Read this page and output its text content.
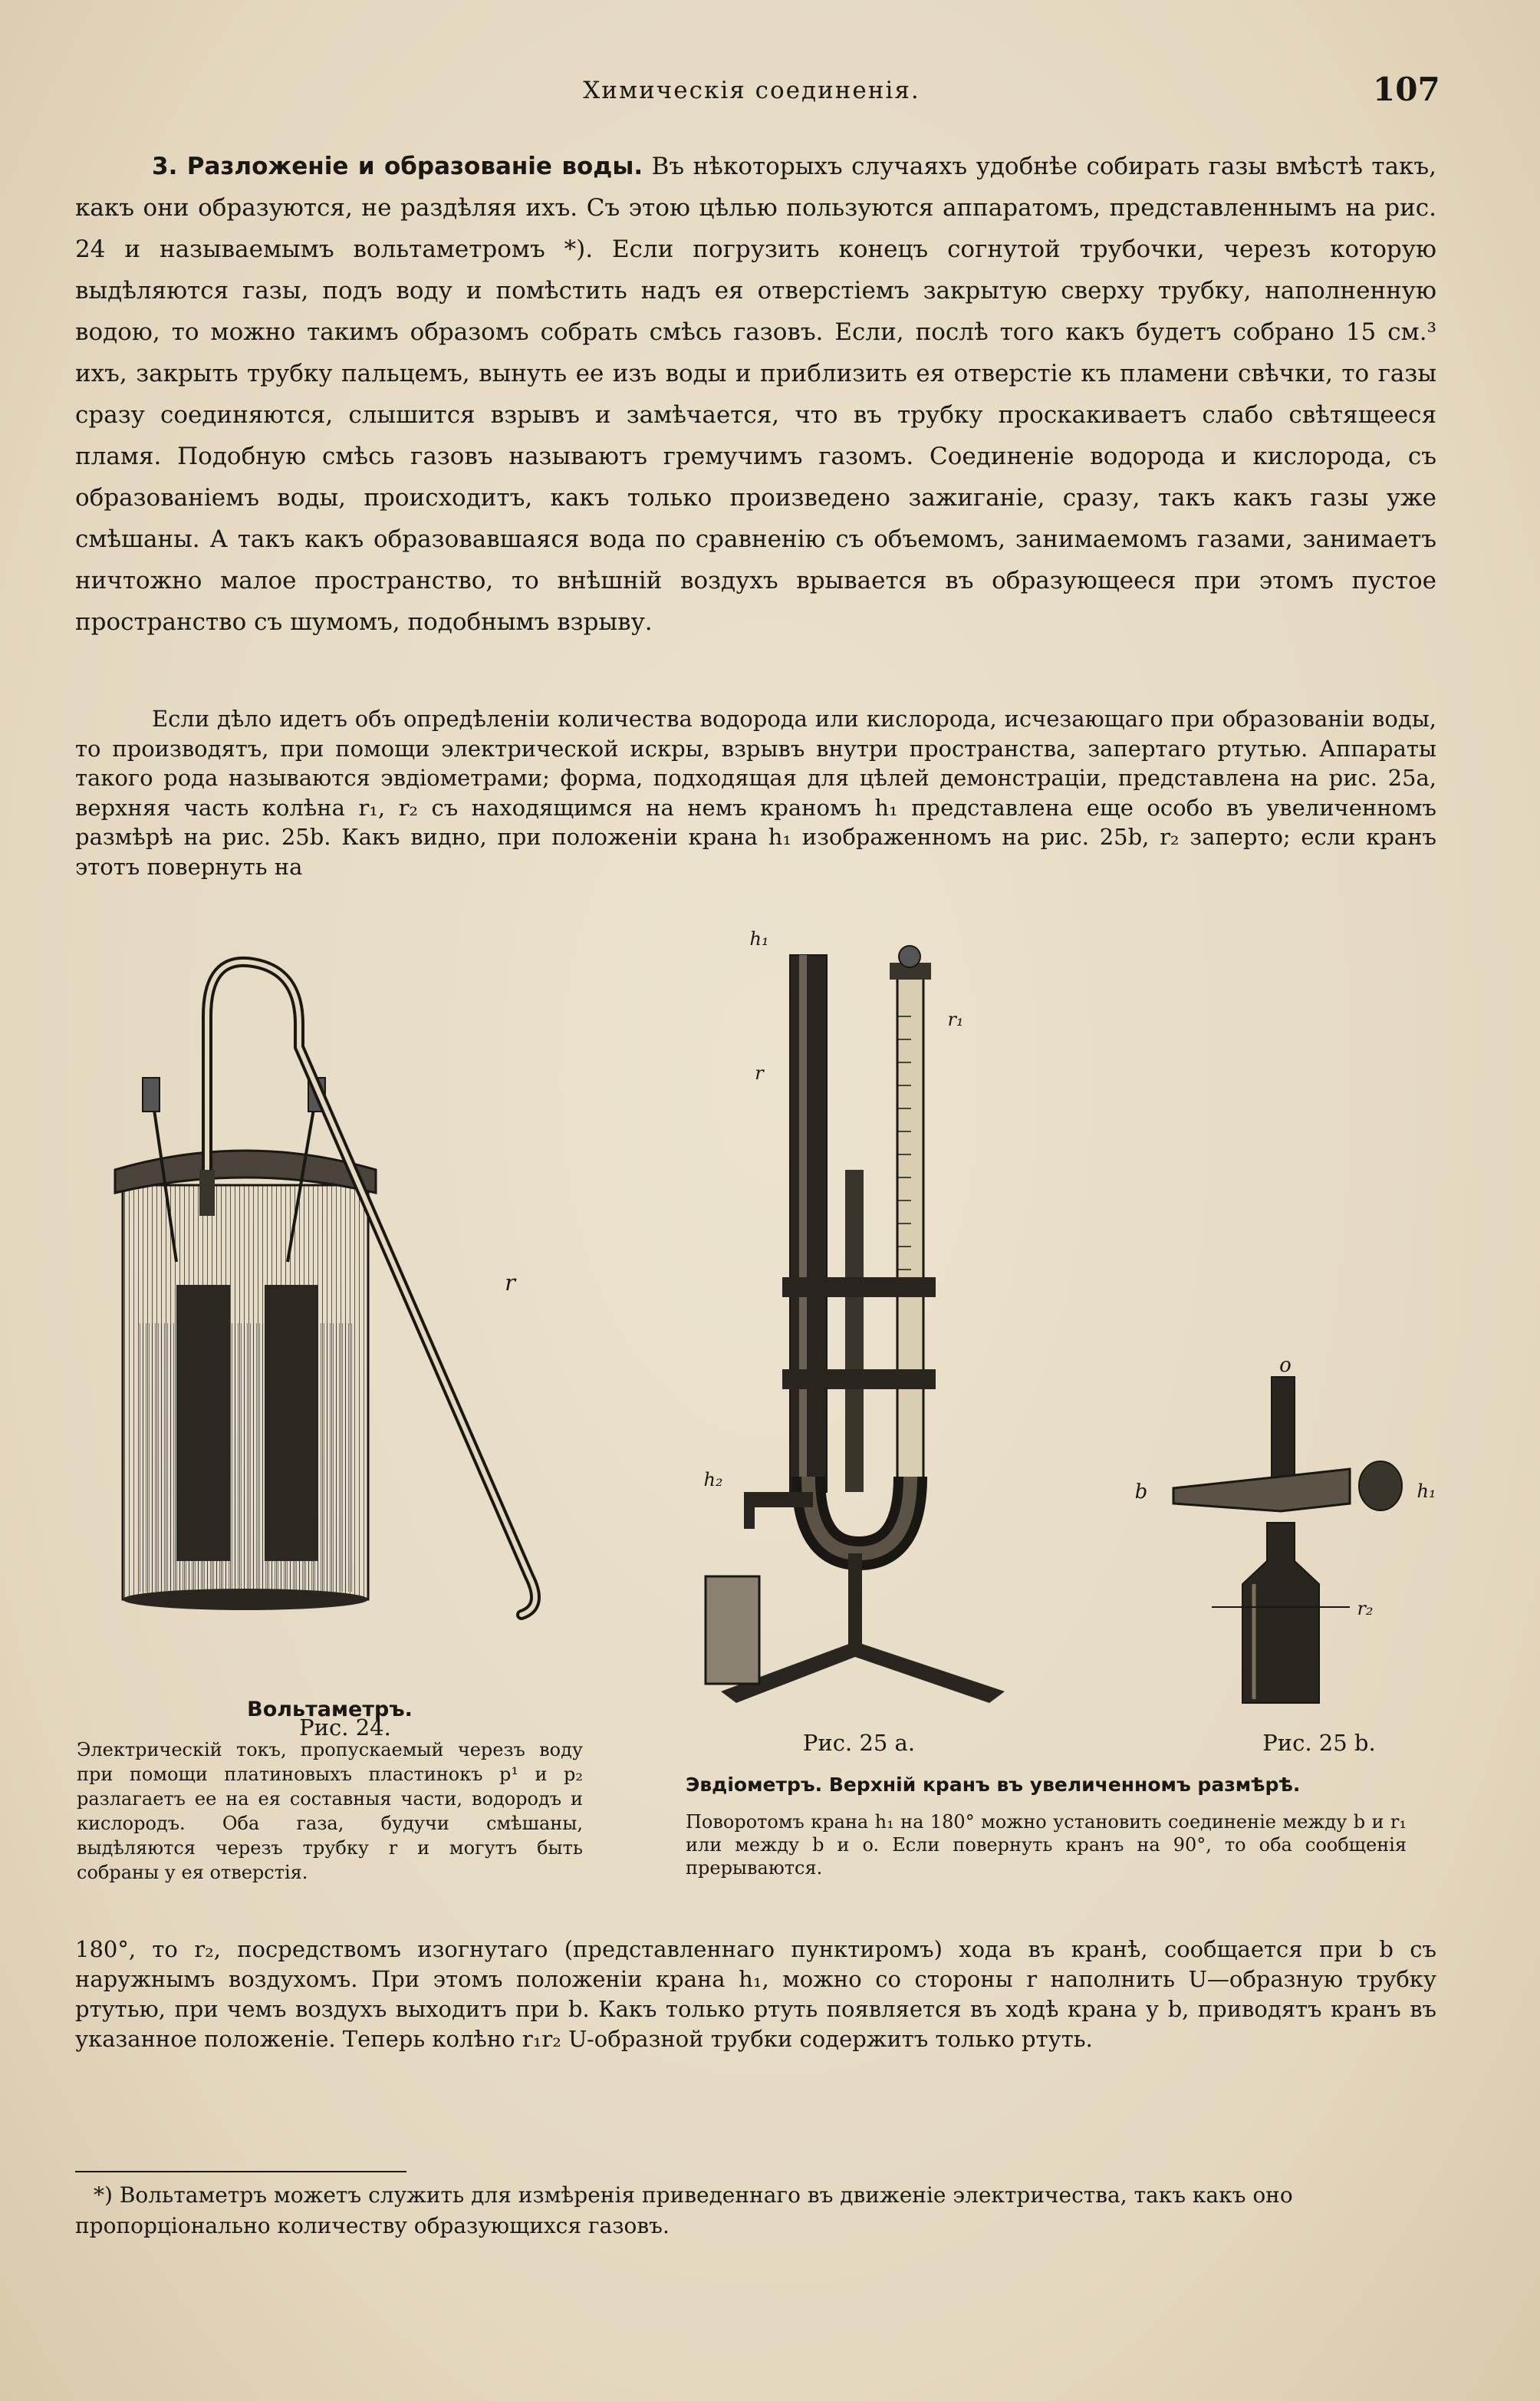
Химическія соединенія.	107

3. Разложеніе и образованіе воды. Въ нѣкоторыхъ случаяхъ удобнѣе собирать газы вмѣстѣ такъ, какъ они образуются, не раздѣляя ихъ. Съ этою цѣлью пользуются аппаратомъ, представленнымъ на рис. 24 и называемымъ вольтаметромъ *). Если погрузить конецъ согнутой трубочки, черезъ которую выдѣляются газы, подъ воду и помѣстить надъ ея отверстіемъ закрытую сверху трубку, наполненную водою, то можно такимъ образомъ собрать смѣсь газовъ. Если, послѣ того какъ будетъ собрано 15 см.³ ихъ, закрыть трубку пальцемъ, вынуть ее изъ воды и приблизить ея отверстіе къ пламени свѣчки, то газы сразу соединяются, слышится взрывъ и замѣчается, что въ трубку проскакиваетъ слабо свѣтящееся пламя. Подобную смѣсь газовъ называютъ гремучимъ газомъ. Соединеніе водорода и кислорода, съ образованіемъ воды, происходитъ, какъ только произведено зажиганіе, сразу, такъ какъ газы уже смѣшаны. А такъ какъ образовавшаяся вода по сравненію съ объемомъ, занимаемомъ газами, занимаетъ ничтожно малое пространство, то внѣшній воздухъ врывается въ образующееся при этомъ пустое пространство съ шумомъ, подобнымъ взрыву.

Если дѣло идетъ объ опредѣленіи количества водорода или кислорода, исчезающаго при образованіи воды, то производятъ, при помощи электрической искры, взрывъ внутри пространства, запертаго ртутью. Аппараты такого рода называются эвдіометрами; форма, подходящая для цѣлей демонстраціи, представлена на рис. 25а, верхняя часть колѣна r₁, r₂ съ находящимся на немъ краномъ h₁ представлена еще особо въ увеличенномъ размѣрѣ на рис. 25b. Какъ видно, при положеніи крана h₁ изображенномъ на рис. 25b, r₂ заперто; если кранъ этотъ повернуть на

r
Рис. 24.
h₁
r
r₁
h₂
Рис. 25 а.
o
b	h₁
r₂
Рис. 25 b.
Вольтаметръ.
Электрическій токъ, пропускаемый черезъ воду при помощи платиновыхъ пластинокъ p¹ и p₂ разлагаетъ ее на ея составныя части, водородъ и кислородъ. Оба газа, будучи смѣшаны, выдѣляются черезъ трубку r и могутъ быть собраны у ея отверстія.
Эвдіометръ. Верхній кранъ въ увеличенномъ размѣрѣ.
Поворотомъ крана h₁ на 180° можно установить соединеніе между b и r₁ или между b и o. Если повернуть кранъ на 90°, то оба сообщенія прерываются.

180°, то r₂, посредствомъ изогнутаго (представленнаго пунктиромъ) хода въ кранѣ, сообщается при b съ наружнымъ воздухомъ. При этомъ положеніи крана h₁, можно со стороны r наполнить U—образную трубку ртутью, при чемъ воздухъ выходитъ при b. Какъ только ртуть появляется въ ходѣ крана у b, приводятъ кранъ въ указанное положеніе. Теперь колѣно r₁r₂ U-образной трубки содержитъ только ртуть.

*) Вольтаметръ можетъ служить для измѣренія приведеннаго въ движеніе электричества, такъ какъ оно пропорціонально количеству образующихся газовъ.
